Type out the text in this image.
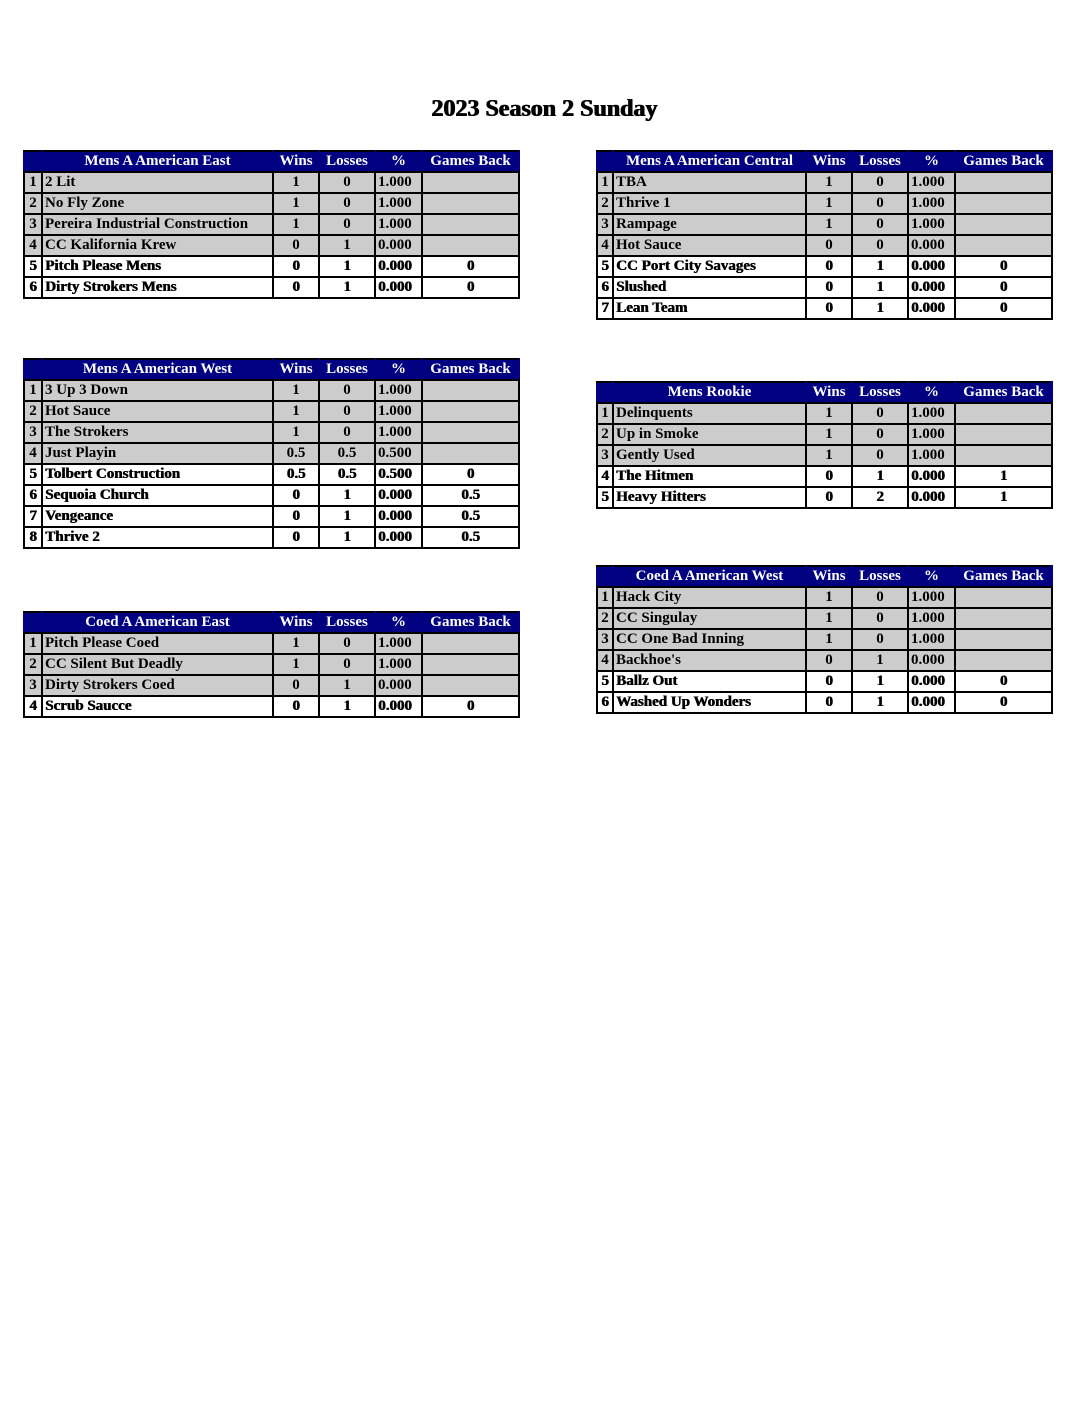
2023 Season 2 Sunday
	Mens A American East	Wins	Losses	%	Games Back
1	2 Lit	1	0	1.000	
2	No Fly Zone	1	0	1.000	
3	Pereira Industrial Construction	1	0	1.000	
4	CC Kalifornia Krew	0	1	0.000	
5	Pitch Please Mens	0	1	0.000	0
6	Dirty Strokers Mens	0	1	0.000	0
	Mens A American Central	Wins	Losses	%	Games Back
1	TBA	1	0	1.000	
2	Thrive 1	1	0	1.000	
3	Rampage	1	0	1.000	
4	Hot Sauce	0	0	0.000	
5	CC Port City Savages	0	1	0.000	0
6	Slushed	0	1	0.000	0
7	Lean Team	0	1	0.000	0
	Mens A American West	Wins	Losses	%	Games Back
1	3 Up 3 Down	1	0	1.000	
2	Hot Sauce	1	0	1.000	
3	The Strokers	1	0	1.000	
4	Just Playin	0.5	0.5	0.500	
5	Tolbert Construction	0.5	0.5	0.500	0
6	Sequoia Church	0	1	0.000	0.5
7	Vengeance	0	1	0.000	0.5
8	Thrive 2	0	1	0.000	0.5
	Mens Rookie	Wins	Losses	%	Games Back
1	Delinquents	1	0	1.000	
2	Up in Smoke	1	0	1.000	
3	Gently Used	1	0	1.000	
4	The Hitmen	0	1	0.000	1
5	Heavy Hitters	0	2	0.000	1
	Coed A American East	Wins	Losses	%	Games Back
1	Pitch Please Coed	1	0	1.000	
2	CC Silent But Deadly	1	0	1.000	
3	Dirty Strokers Coed	0	1	0.000	
4	Scrub Saucce	0	1	0.000	0
	Coed A American West	Wins	Losses	%	Games Back
1	Hack City	1	0	1.000	
2	CC Singulay	1	0	1.000	
3	CC One Bad Inning	1	0	1.000	
4	Backhoe's	0	1	0.000	
5	Ballz Out	0	1	0.000	0
6	Washed Up Wonders	0	1	0.000	0
